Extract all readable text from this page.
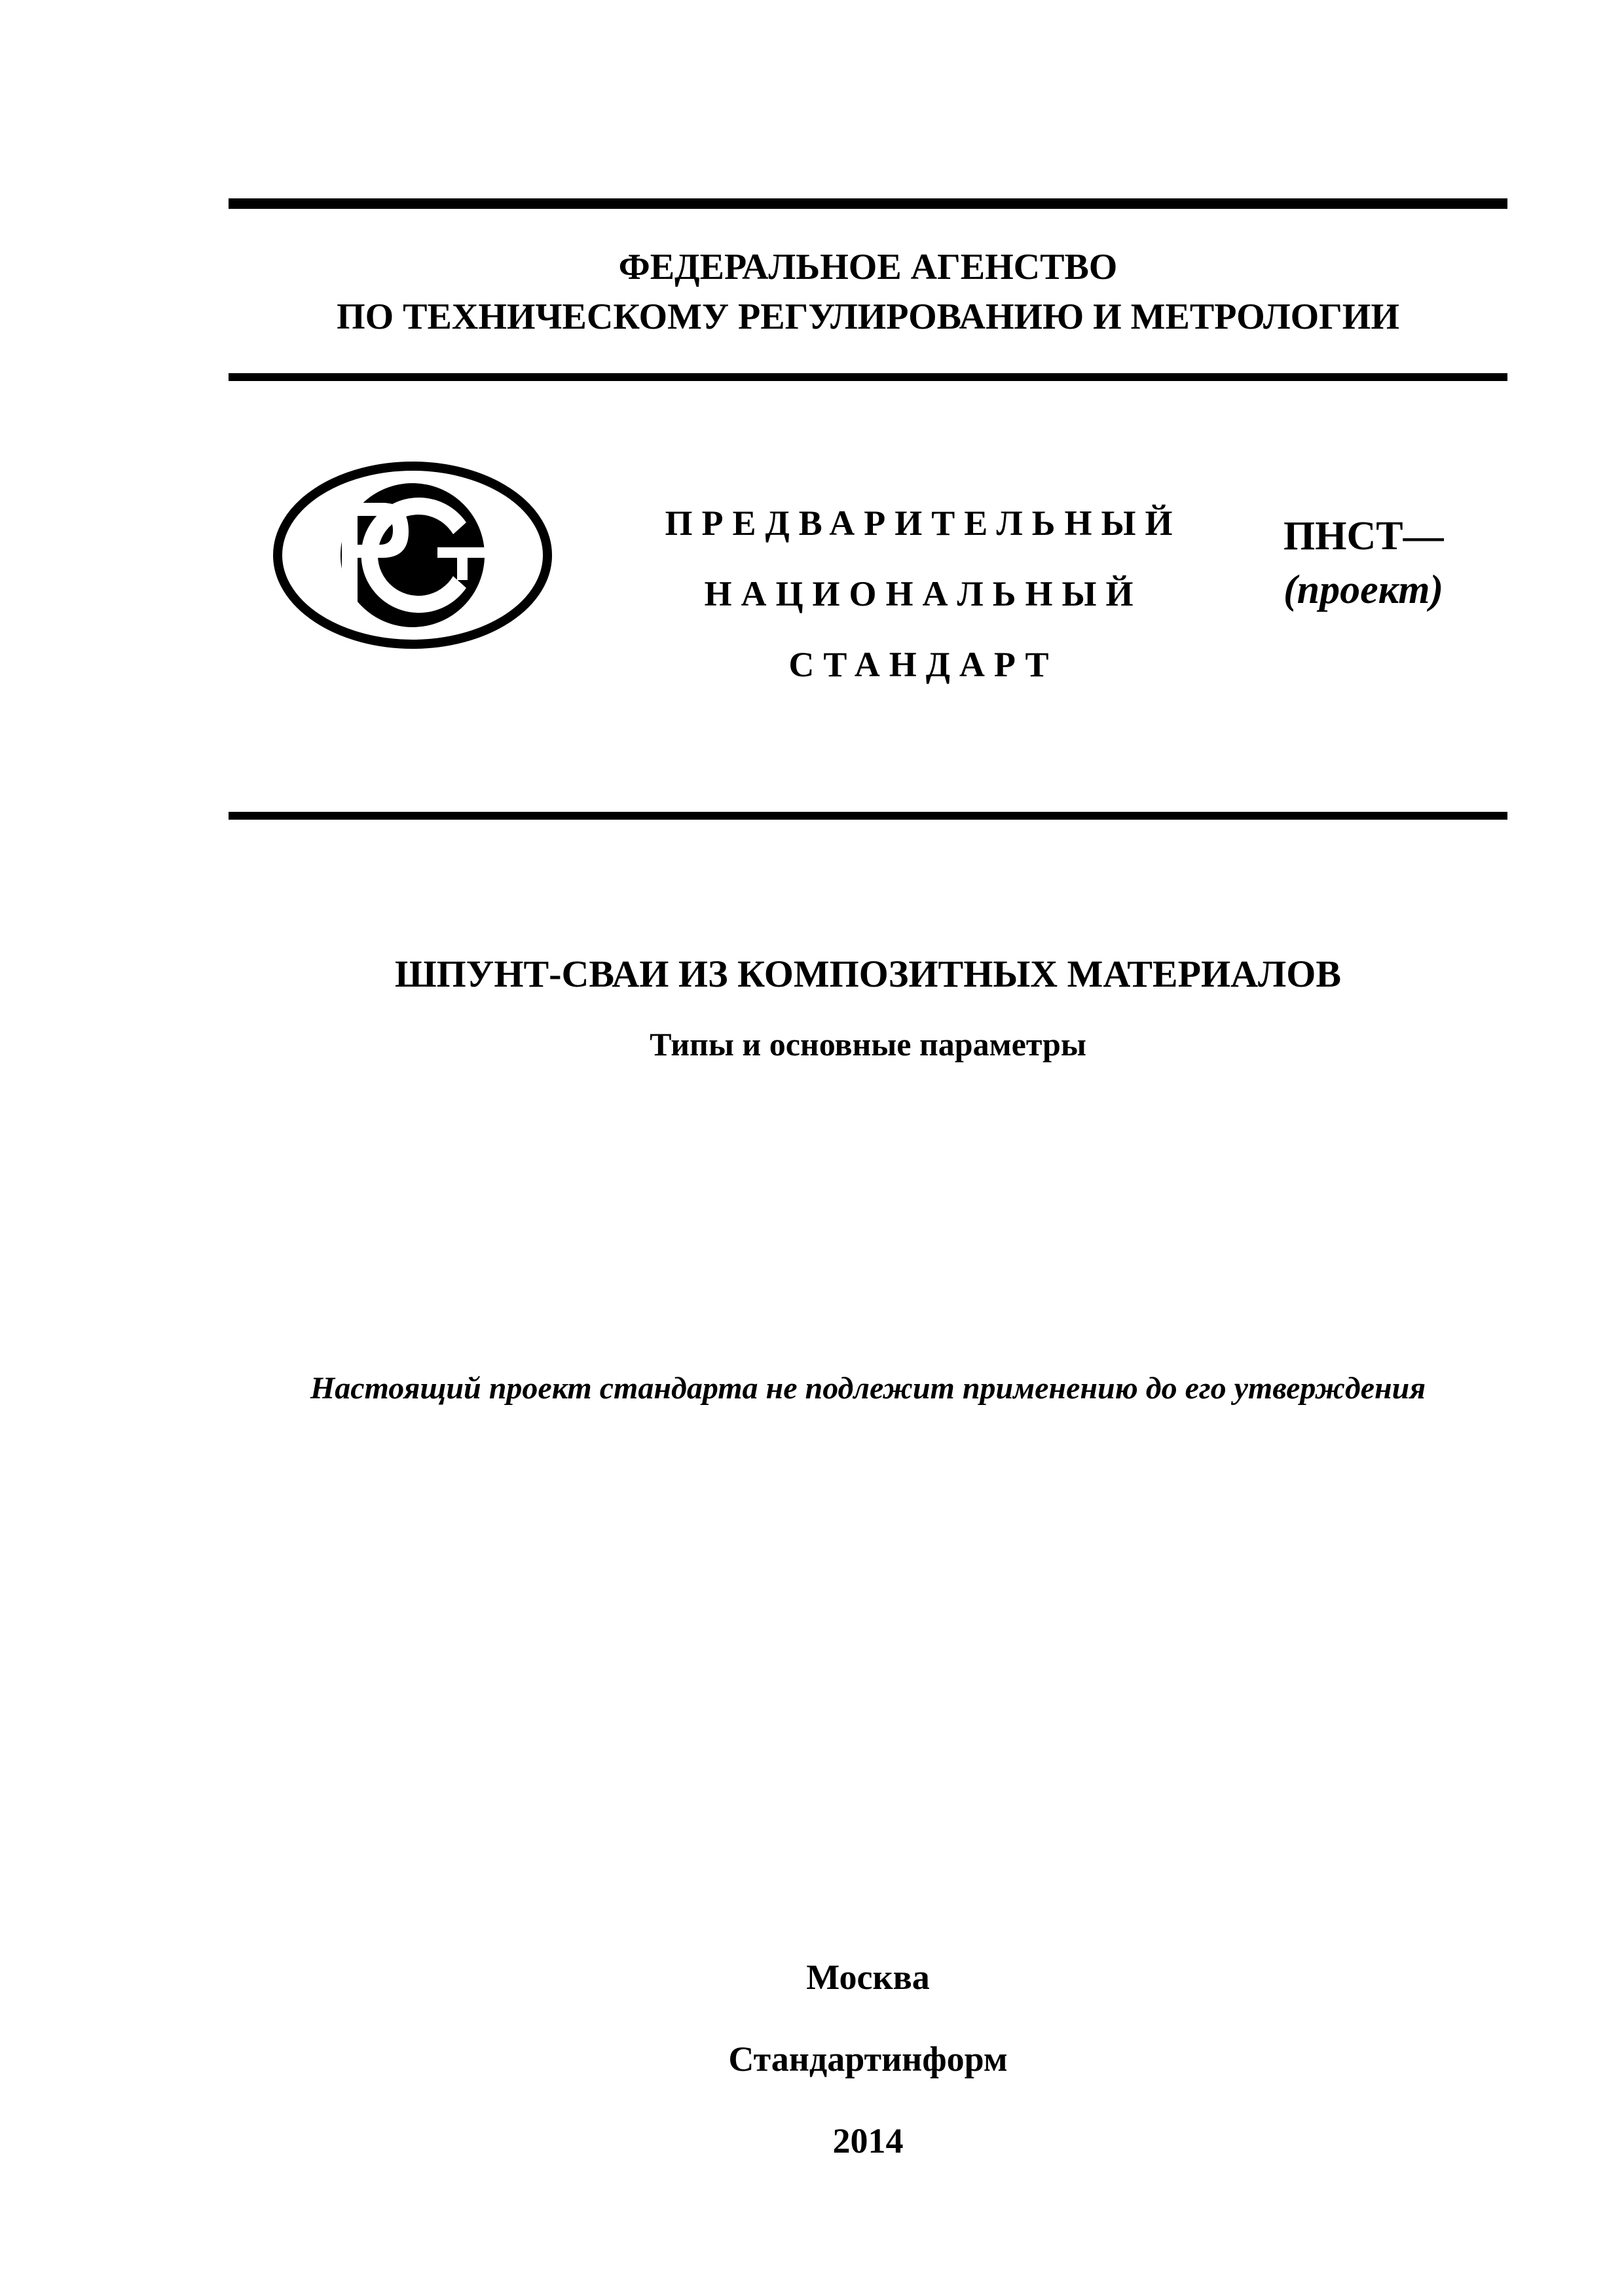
ФЕДЕРАЛЬНОЕ АГЕНСТВО
ПО ТЕХНИЧЕСКОМУ РЕГУЛИРОВАНИЮ И МЕТРОЛОГИИ
ПРЕДВАРИТЕЛЬНЫЙ
НАЦИОНАЛЬНЫЙ
СТАНДАРТ
ПНСТ—
(проект)
ШПУНТ-СВАИ ИЗ КОМПОЗИТНЫХ МАТЕРИАЛОВ
Типы и основные параметры
Настоящий проект стандарта не подлежит применению до его утверждения
Москва
Стандартинформ
2014
